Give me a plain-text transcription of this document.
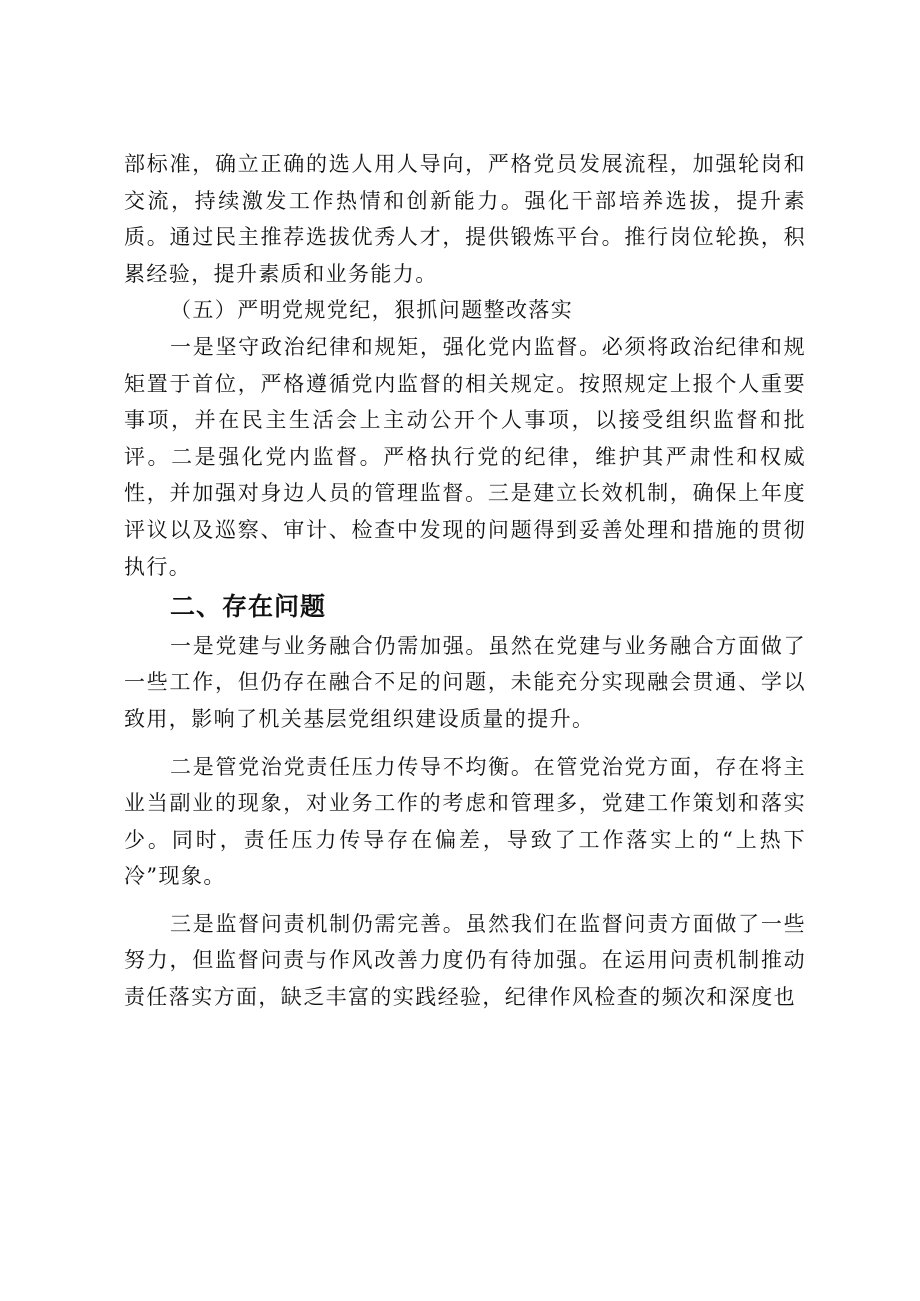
部标准，确立正确的选人用人导向，严格党员发展流程，加强轮岗和交流，持续激发工作热情和创新能力。强化干部培养选拔，提升素质。通过民主推荐选拔优秀人才，提供锻炼平台。推行岗位轮换，积累经验，提升素质和业务能力。

（五）严明党规党纪，狠抓问题整改落实

一是坚守政治纪律和规矩，强化党内监督。必须将政治纪律和规矩置于首位，严格遵循党内监督的相关规定。按照规定上报个人重要事项，并在民主生活会上主动公开个人事项，以接受组织监督和批评。二是强化党内监督。严格执行党的纪律，维护其严肃性和权威性，并加强对身边人员的管理监督。三是建立长效机制，确保上年度评议以及巡察、审计、检查中发现的问题得到妥善处理和措施的贯彻执行。

二、存在问题

一是党建与业务融合仍需加强。虽然在党建与业务融合方面做了一些工作，但仍存在融合不足的问题，未能充分实现融会贯通、学以致用，影响了机关基层党组织建设质量的提升。

二是管党治党责任压力传导不均衡。在管党治党方面，存在将主业当副业的现象，对业务工作的考虑和管理多，党建工作策划和落实少。同时，责任压力传导存在偏差，导致了工作落实上的“上热下冷”现象。

三是监督问责机制仍需完善。虽然我们在监督问责方面做了一些努力，但监督问责与作风改善力度仍有待加强。在运用问责机制推动责任落实方面，缺乏丰富的实践经验，纪律作风检查的频次和深度也
